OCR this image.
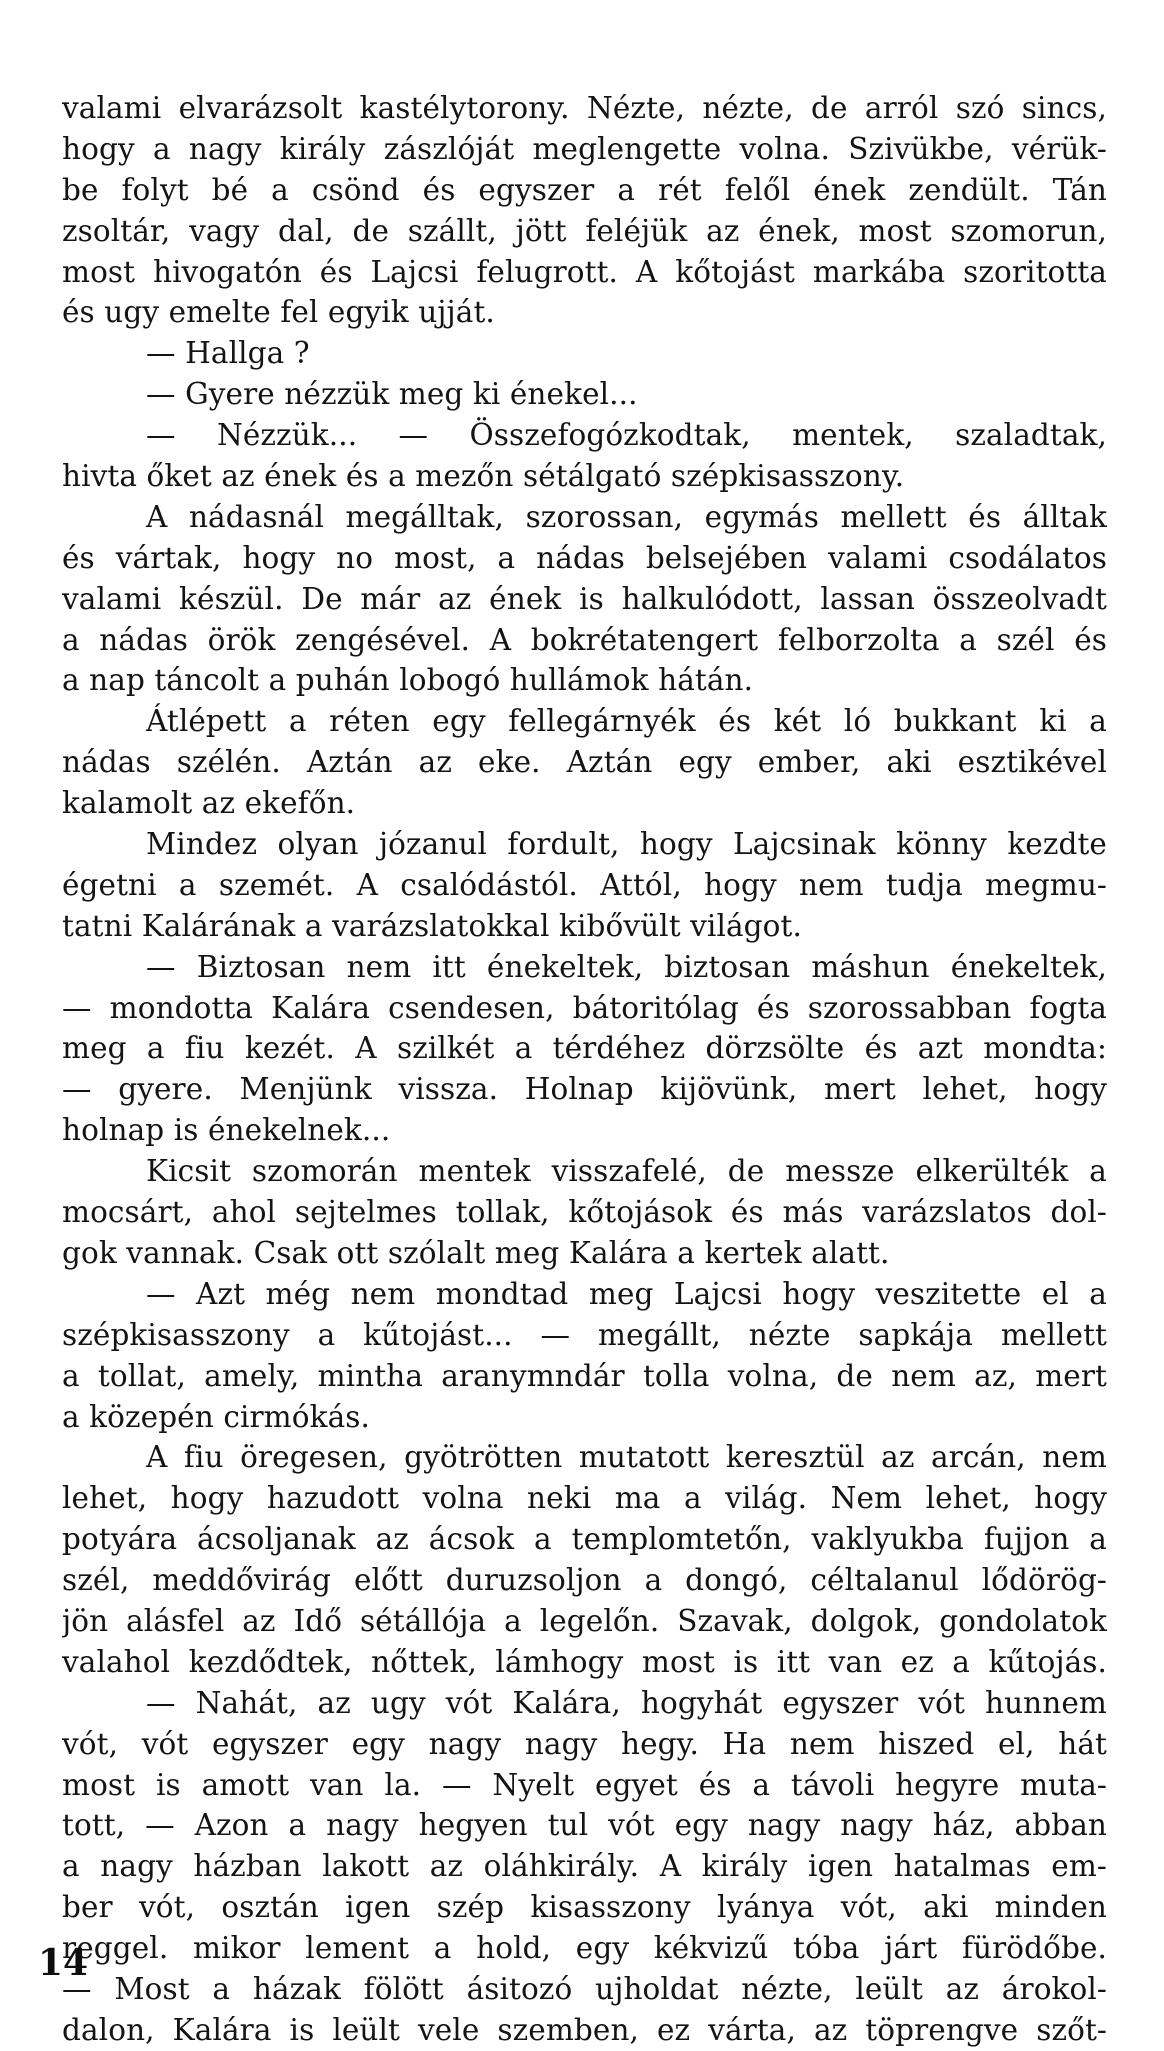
valami elvarázsolt kastélytorony. Nézte, nézte, de arról szó sincs,
hogy a nagy király zászlóját meglengette volna. Szivükbe, vérük-
be folyt bé a csönd és egyszer a rét felől ének zendült. Tán
zsoltár, vagy dal, de szállt, jött feléjük az ének, most szomorun,
most hivogatón és Lajcsi felugrott. A kőtojást markába szoritotta
és ugy emelte fel egyik ujját.
— Hallga ?
— Gyere nézzük meg ki énekel...
— Nézzük... — Összefogózkodtak, mentek, szaladtak,
hivta őket az ének és a mezőn sétálgató szépkisasszony.
A nádasnál megálltak, szorossan, egymás mellett és álltak
és vártak, hogy no most, a nádas belsejében valami csodálatos
valami készül. De már az ének is halkulódott, lassan összeolvadt
a nádas örök zengésével. A bokrétatengert felborzolta a szél és
a nap táncolt a puhán lobogó hullámok hátán.
Átlépett a réten egy fellegárnyék és két ló bukkant ki a
nádas szélén. Aztán az eke. Aztán egy ember, aki esztikével
kalamolt az ekefőn.
Mindez olyan józanul fordult, hogy Lajcsinak könny kezdte
égetni a szemét. A csalódástól. Attól, hogy nem tudja megmu-
tatni Kalárának a varázslatokkal kibővült világot.
— Biztosan nem itt énekeltek, biztosan máshun énekeltek,
— mondotta Kalára csendesen, bátoritólag és szorossabban fogta
meg a fiu kezét. A szilkét a térdéhez dörzsölte és azt mondta:
— gyere. Menjünk vissza. Holnap kijövünk, mert lehet, hogy
holnap is énekelnek...
Kicsit szomorán mentek visszafelé, de messze elkerülték a
mocsárt, ahol sejtelmes tollak, kőtojások és más varázslatos dol-
gok vannak. Csak ott szólalt meg Kalára a kertek alatt.
— Azt még nem mondtad meg Lajcsi hogy veszitette el a
szépkisasszony a kűtojást... — megállt, nézte sapkája mellett
a tollat, amely, mintha aranymndár tolla volna, de nem az, mert
a közepén cirmókás.
A fiu öregesen, gyötrötten mutatott keresztül az arcán, nem
lehet, hogy hazudott volna neki ma a világ. Nem lehet, hogy
potyára ácsoljanak az ácsok a templomtetőn, vaklyukba fujjon a
szél, meddővirág előtt duruzsoljon a dongó, céltalanul lődörög-
jön alásfel az Idő sétállója a legelőn. Szavak, dolgok, gondolatok
valahol kezdődtek, nőttek, lámhogy most is itt van ez a kűtojás.
— Nahát, az ugy vót Kalára, hogyhát egyszer vót hunnem
vót, vót egyszer egy nagy nagy hegy. Ha nem hiszed el, hát
most is amott van la. — Nyelt egyet és a távoli hegyre muta-
tott, — Azon a nagy hegyen tul vót egy nagy nagy ház, abban
a nagy házban lakott az oláhkirály. A király igen hatalmas em-
ber vót, osztán igen szép kisasszony lyánya vót, aki minden
reggel. mikor lement a hold, egy kékvizű tóba járt fürödőbe.
— Most a házak fölött ásitozó ujholdat nézte, leült az árokol-
dalon, Kalára is leült vele szemben, ez várta, az töprengve szőt-
14
